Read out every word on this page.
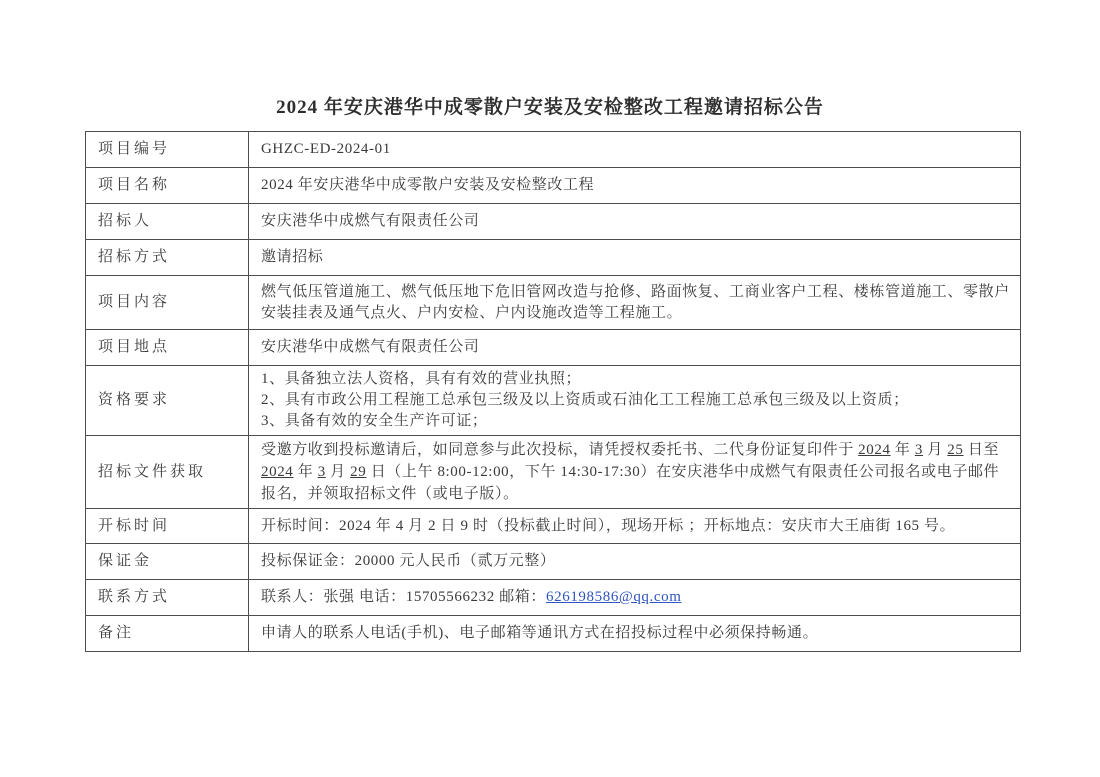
2024 年安庆港华中成零散户安装及安检整改工程邀请招标公告
项目编号	GHZC-ED-2024-01
项目名称	2024 年安庆港华中成零散户安装及安检整改工程
招标人	安庆港华中成燃气有限责任公司
招标方式	邀请招标
项目内容	燃气低压管道施工、燃气低压地下危旧管网改造与抢修、路面恢复、工商业客户工程、楼栋管道施工、零散户安装挂表及通气点火、户内安检、户内设施改造等工程施工。
项目地点	安庆港华中成燃气有限责任公司
资格要求	1、具备独立法人资格，具有有效的营业执照；
2、具有市政公用工程施工总承包三级及以上资质或石油化工工程施工总承包三级及以上资质；
3、具备有效的安全生产许可证；

招标文件获取	受邀方收到投标邀请后，如同意参与此次投标，请凭授权委托书、二代身份证复印件于 2024 年 3 月 25 日至 2024 年 3 月 29 日（上午 8:00-12:00，下午 14:30-17:30）在安庆港华中成燃气有限责任公司报名或电子邮件报名，并领取招标文件（或电子版）。

开标时间	开标时间：2024 年 4 月 2 日 9 时（投标截止时间），现场开标 ；开标地点：安庆市大王庙街 165 号。
保证金	投标保证金：20000 元人民币（贰万元整）
联系方式	联系人：张强 电话：15705566232 邮箱：626198586@qq.com
备注	申请人的联系人电话(手机)、电子邮箱等通讯方式在招投标过程中必须保持畅通。
